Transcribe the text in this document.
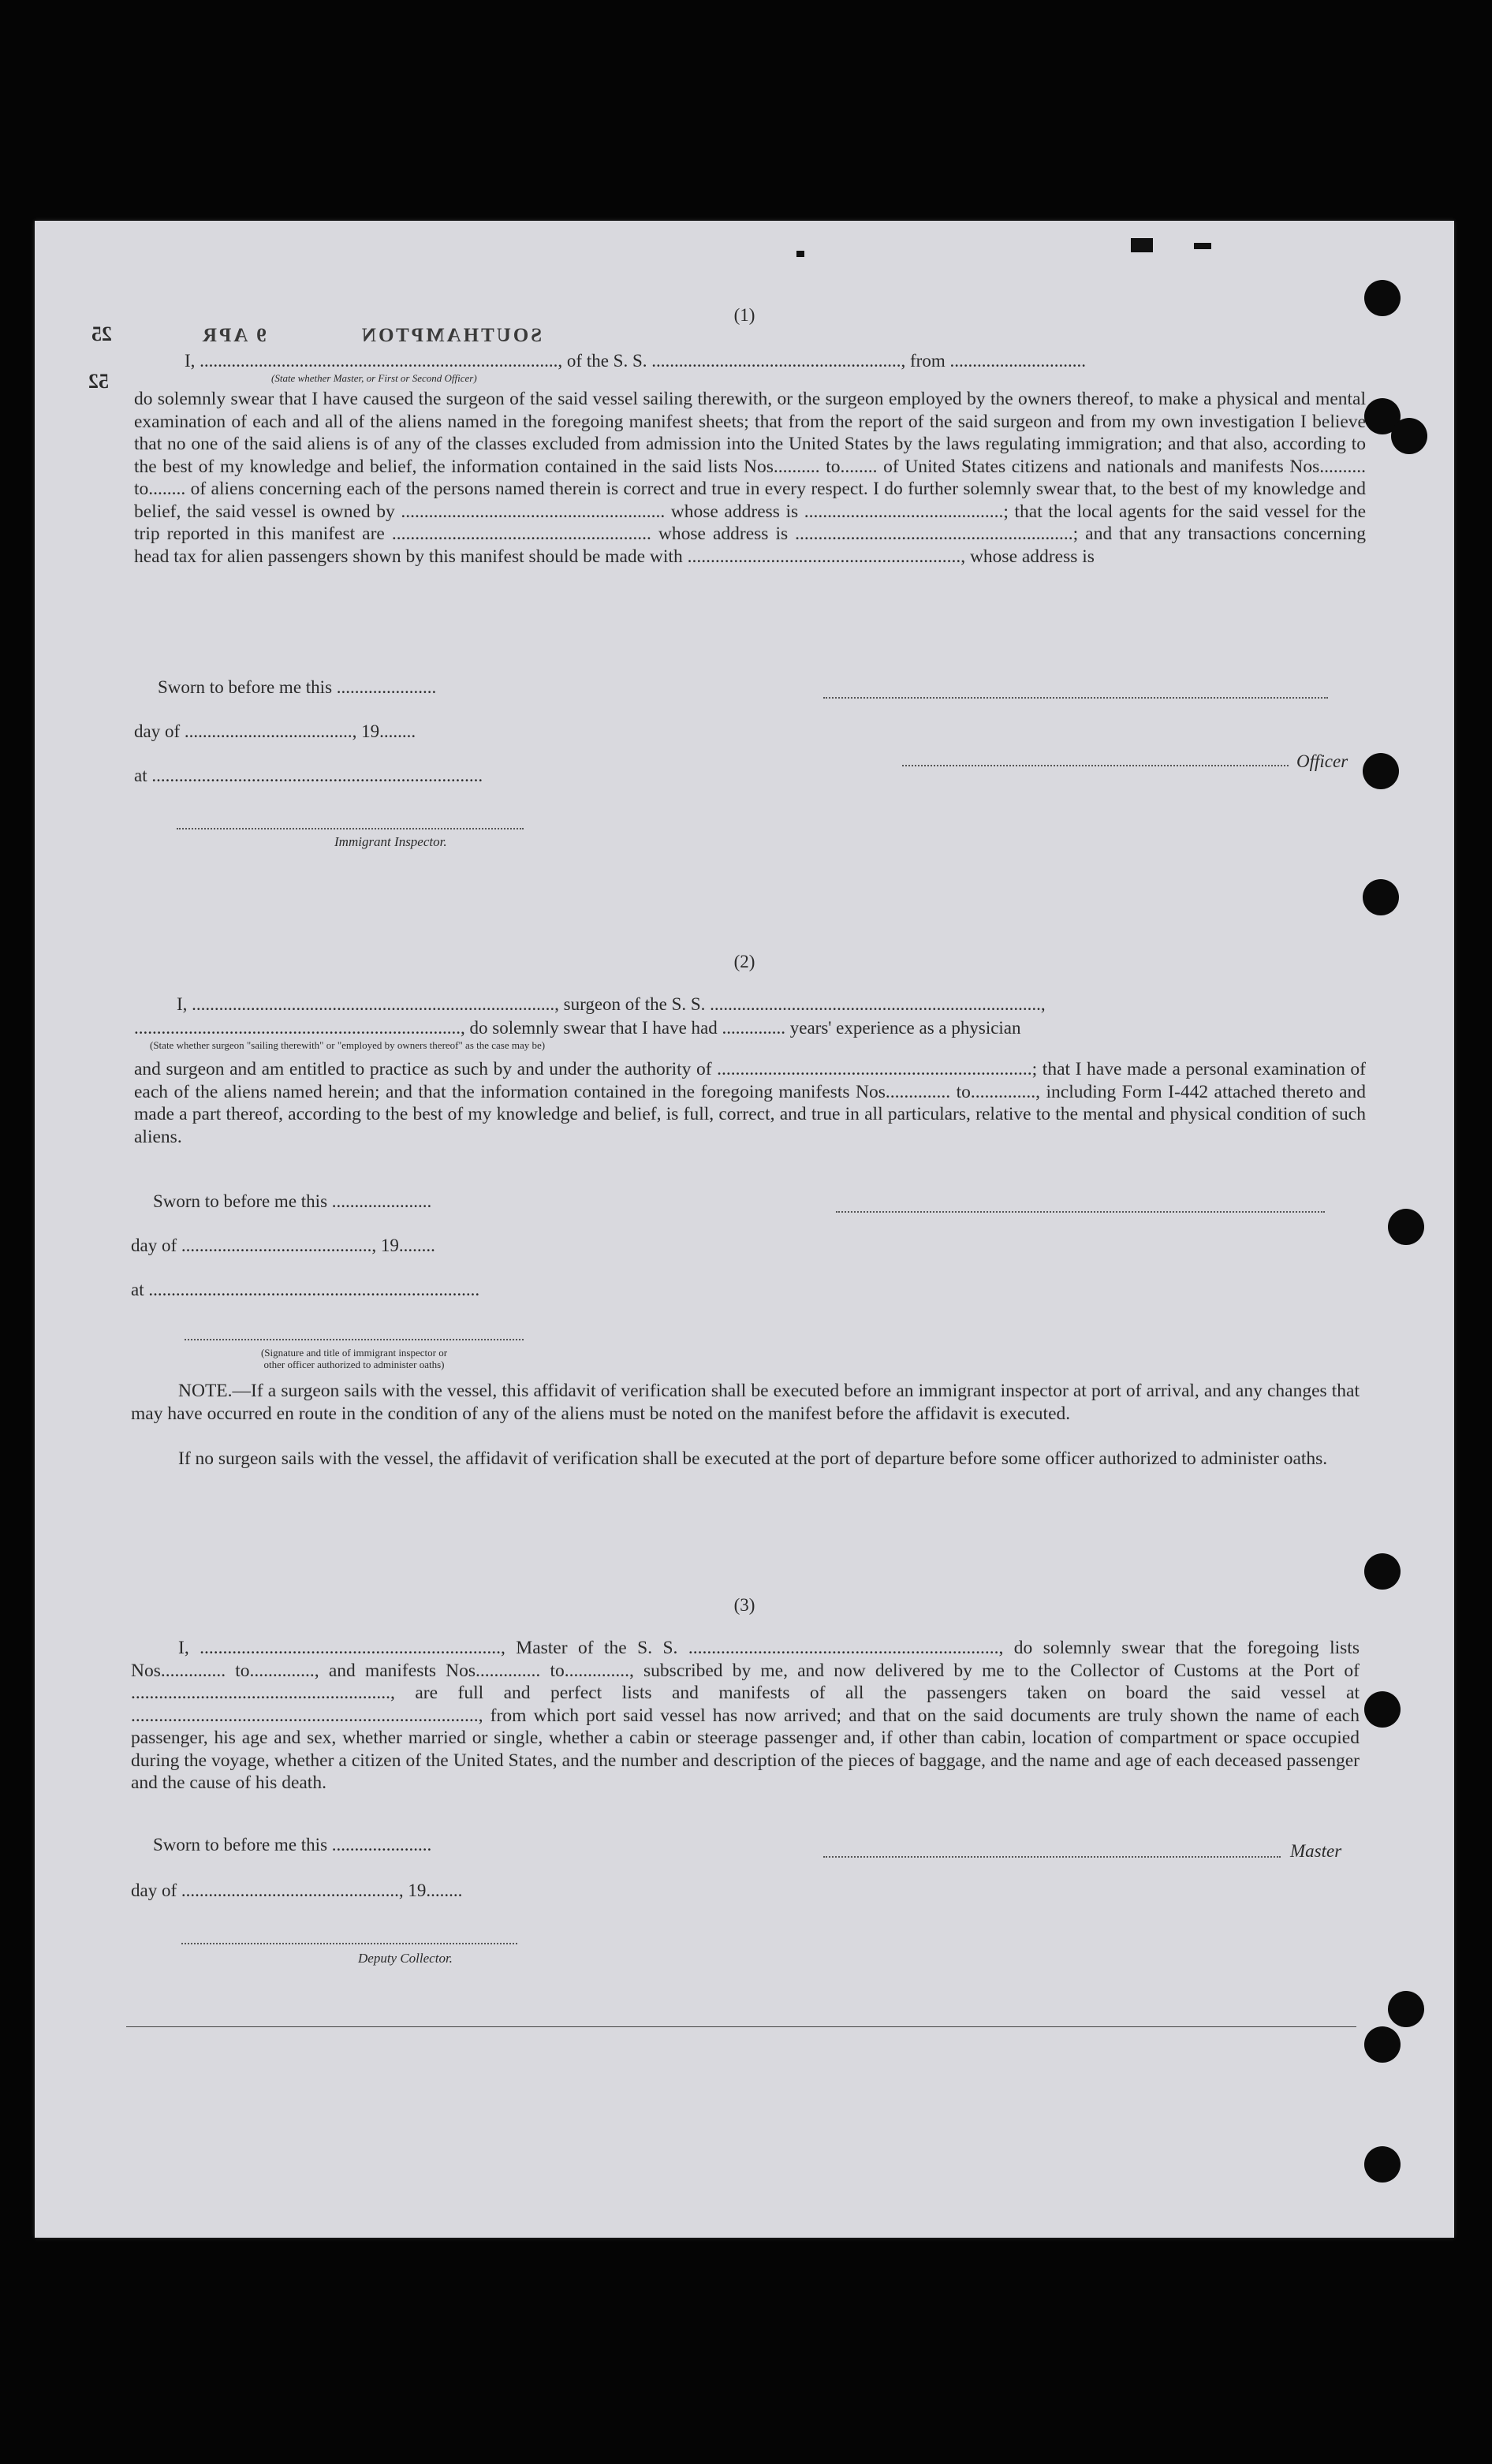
9 APR	SOUTHAMPTON
25
52
(1)
I, ..............................................................................., of the S. S. ......................................................., from ..............................
(State whether Master, or First or Second Officer)
do solemnly swear that I have caused the surgeon of the said vessel sailing therewith, or the surgeon employed by the owners thereof, to make a physical and mental examination of each and all of the aliens named in the foregoing manifest sheets; that from the report of the said surgeon and from my own investigation I believe that no one of the said aliens is of any of the classes excluded from admission into the United States by the laws regulating immigration; and that also, according to the best of my knowledge and belief, the information contained in the said lists Nos.......... to........ of United States citizens and nationals and manifests Nos.......... to........ of aliens concerning each of the persons named therein is correct and true in every respect. I do further solemnly swear that, to the best of my knowledge and belief, the said vessel is owned by ......................................................... whose address is ...........................................; that the local agents for the said vessel for the trip reported in this manifest are ........................................................ whose address is ............................................................; and that any transactions concerning head tax for alien passengers shown by this manifest should be made with ..........................................................., whose address is
Sworn to before me this ......................
day of ....................................., 19........
Officer
at .........................................................................
Immigrant Inspector.
(2)
I, ................................................................................, surgeon of the S. S. .........................................................................,
........................................................................, do solemnly swear that I have had .............. years' experience as a physician
(State whether surgeon "sailing therewith" or "employed by owners thereof" as the case may be)
and surgeon and am entitled to practice as such by and under the authority of ....................................................................; that I have made a personal examination of each of the aliens named herein; and that the information contained in the foregoing manifests Nos.............. to.............., including Form I-442 attached thereto and made a part thereof, according to the best of my knowledge and belief, is full, correct, and true in all particulars, relative to the mental and physical condition of such aliens.
Sworn to before me this ......................
day of .........................................., 19........
at .........................................................................
(Signature and title of immigrant inspector or
other officer authorized to administer oaths)
NOTE.—If a surgeon sails with the vessel, this affidavit of verification shall be executed before an immigrant inspector at port of arrival, and any changes that may have occurred en route in the condition of any of the aliens must be noted on the manifest before the affidavit is executed.
If no surgeon sails with the vessel, the affidavit of verification shall be executed at the port of departure before some officer authorized to administer oaths.
(3)
I, ................................................................., Master of the S. S. ..................................................................., do solemnly swear that the foregoing lists Nos.............. to.............., and manifests Nos.............. to.............., subscribed by me, and now delivered by me to the Collector of Customs at the Port of ........................................................, are full and perfect lists and manifests of all the passengers taken on board the said vessel at ..........................................................................., from which port said vessel has now arrived; and that on the said documents are truly shown the name of each passenger, his age and sex, whether married or single, whether a cabin or steerage passenger and, if other than cabin, location of compartment or space occupied during the voyage, whether a citizen of the United States, and the number and description of the pieces of baggage, and the name and age of each deceased passenger and the cause of his death.
Sworn to before me this ......................	Master
day of ................................................, 19........
Deputy Collector.
